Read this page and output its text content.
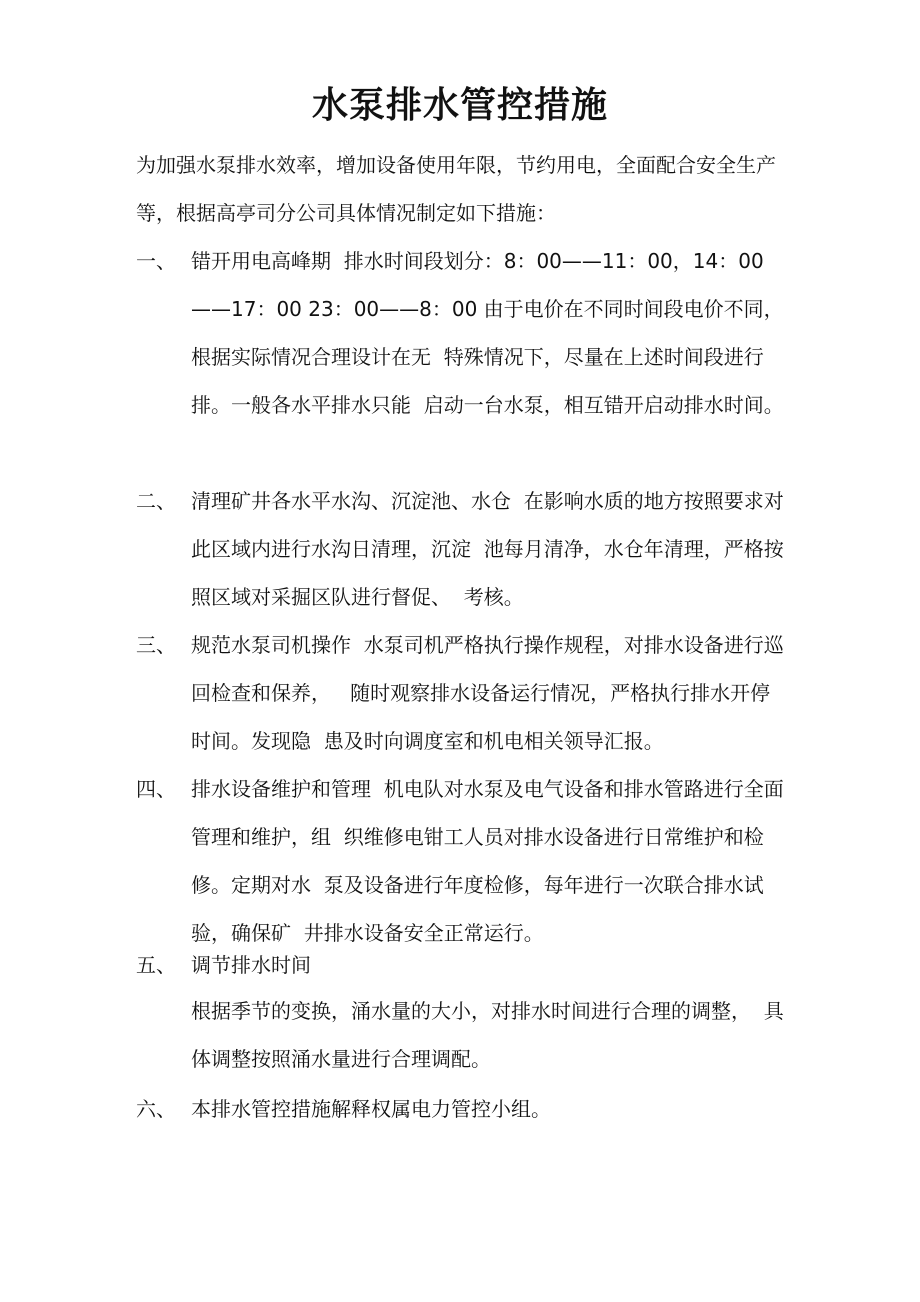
水泵排水管控措施
为加强水泵排水效率，增加设备使用年限，节约用电，全面配合安全生产等，根据高亭司分公司具体情况制定如下措施：
一、 错开用电高峰期  排水时间段划分：8：00——11：00，14：00——17：00 23：00——8：00 由于电价在不同时间段电价不同，根据实际情况合理设计在无  特殊情况下，尽量在上述时间段进行排。一般各水平排水只能  启动一台水泵，相互错开启动排水时间。
二、 清理矿井各水平水沟、沉淀池、水仓  在影响水质的地方按照要求对此区域内进行水沟日清理，沉淀  池每月清净，水仓年清理，严格按照区域对采掘区队进行督促、  考核。
三、 规范水泵司机操作  水泵司机严格执行操作规程，对排水设备进行巡回检查和保养，   随时观察排水设备运行情况，严格执行排水开停时间。发现隐  患及时向调度室和机电相关领导汇报。
四、 排水设备维护和管理  机电队对水泵及电气设备和排水管路进行全面管理和维护，组  织维修电钳工人员对排水设备进行日常维护和检修。定期对水  泵及设备进行年度检修，每年进行一次联合排水试验，确保矿  井排水设备安全正常运行。
五、 调节排水时间
根据季节的变换，涌水量的大小，对排水时间进行合理的调整，  具体调整按照涌水量进行合理调配。
六、 本排水管控措施解释权属电力管控小组。
